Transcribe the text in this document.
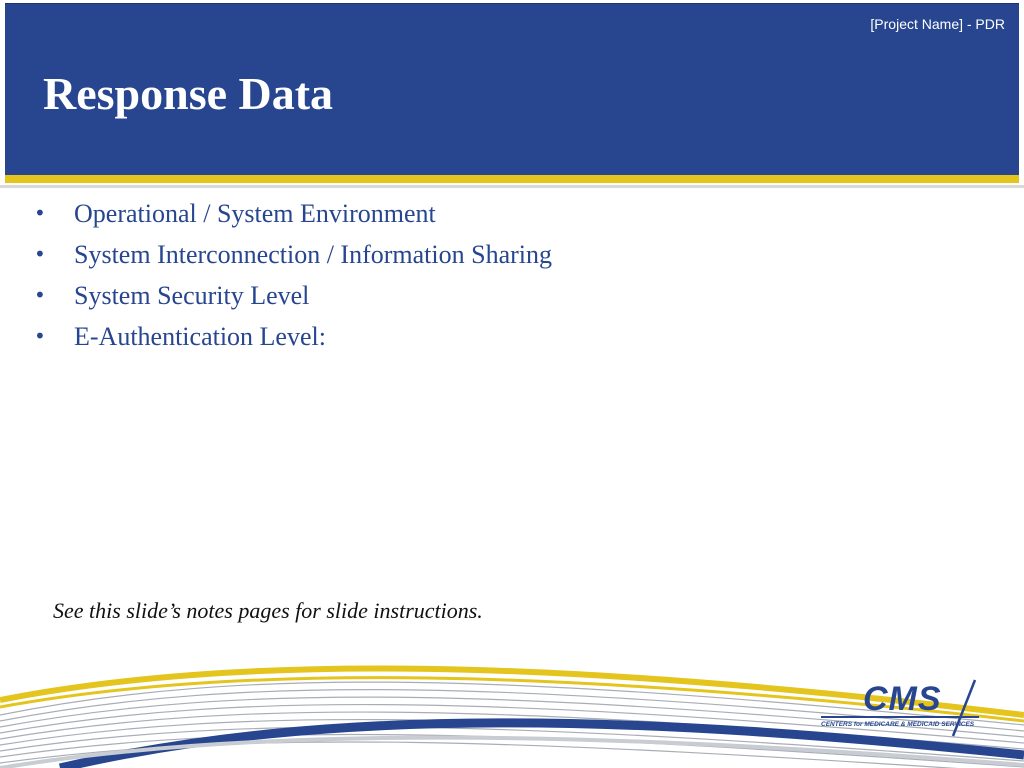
[Project Name] - PDR
Response Data
• Operational / System Environment
• System Interconnection / Information Sharing
• System Security Level
• E-Authentication Level:

See this slide’s notes pages for slide instructions.

CMS
CENTERS for MEDICARE & MEDICAID SERVICES
